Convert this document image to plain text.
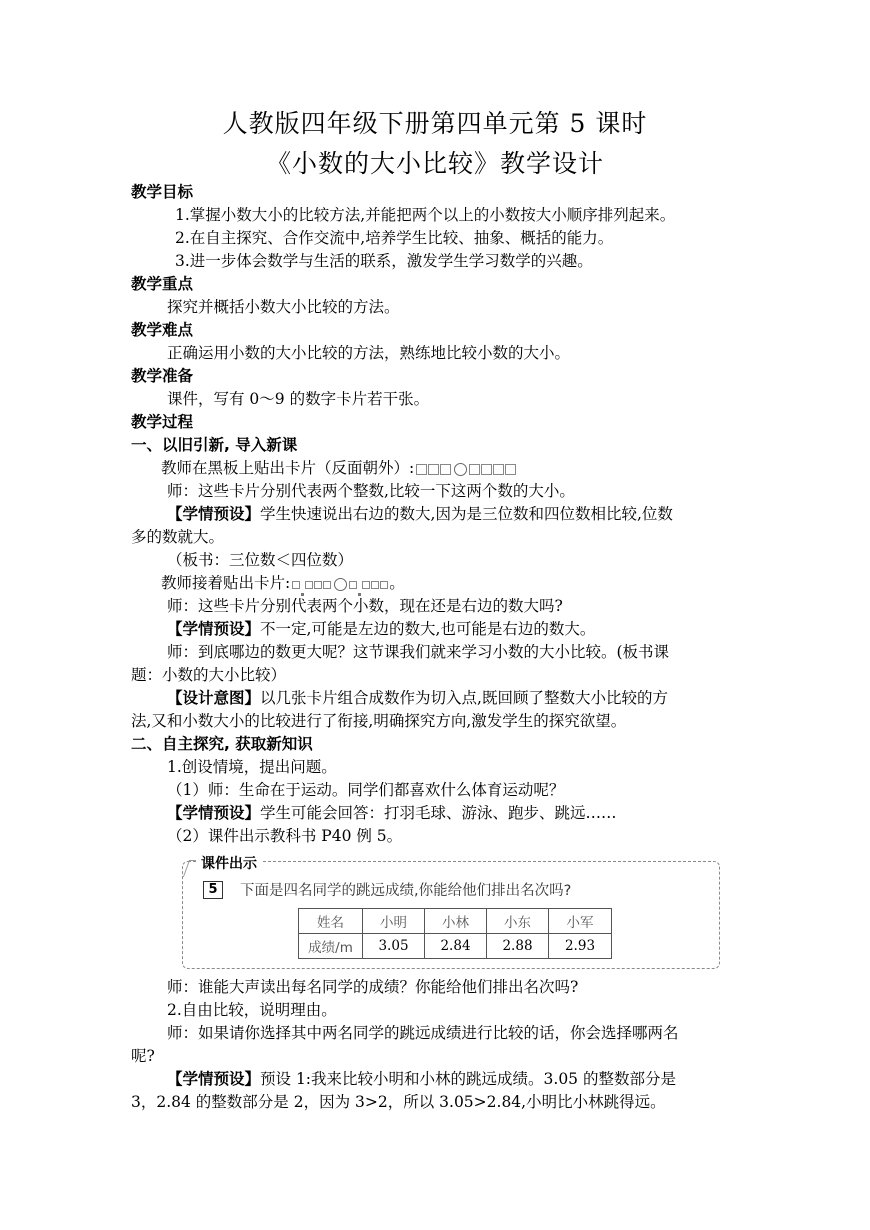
人教版四年级下册第四单元第 5 课时
《小数的大小比较》教学设计
教学目标
1.掌握小数大小的比较方法,并能把两个以上的小数按大小顺序排列起来。
2.在自主探究、合作交流中,培养学生比较、抽象、概括的能力。
3.进一步体会数学与生活的联系，激发学生学习数学的兴趣。
教学重点
探究并概括小数大小比较的方法。
教学难点
正确运用小数的大小比较的方法，熟练地比较小数的大小。
教学准备
课件，写有 0～9 的数字卡片若干张。
教学过程
一、以旧引新, 导入新课
教师在黑板上贴出卡片（反面朝外）:
师：这些卡片分别代表两个整数,比较一下这两个数的大小。
【学情预设】学生快速说出右边的数大,因为是三位数和四位数相比较,位数
多的数就大。
（板书：三位数＜四位数）
教师接着贴出卡片:	。
师：这些卡片分别代表两个小数，现在还是右边的数大吗?
【学情预设】不一定,可能是左边的数大,也可能是右边的数大。
师：到底哪边的数更大呢？这节课我们就来学习小数的大小比较。(板书课
题：小数的大小比较）
【设计意图】以几张卡片组合成数作为切入点,既回顾了整数大小比较的方
法,又和小数大小的比较进行了衔接,明确探究方向,激发学生的探究欲望。
二、自主探究, 获取新知识
1.创设情境，提出问题。
（1）师：生命在于运动。同学们都喜欢什么体育运动呢？
【学情预设】学生可能会回答：打羽毛球、游泳、跑步、跳远……
（2）课件出示教科书 P40 例 5。
课件出示
5	下面是四名同学的跳远成绩,你能给他们排出名次吗?
姓名	小明	小林	小东	小军
成绩/m	3.05	2.84	2.88	2.93
师：谁能大声读出每名同学的成绩？你能给他们排出名次吗?
2.自由比较，说明理由。
师：如果请你选择其中两名同学的跳远成绩进行比较的话，你会选择哪两名
呢?
【学情预设】预设 1:我来比较小明和小林的跳远成绩。3.05 的整数部分是
3，2.84 的整数部分是 2，因为 3>2，所以 3.05>2.84,小明比小林跳得远。
